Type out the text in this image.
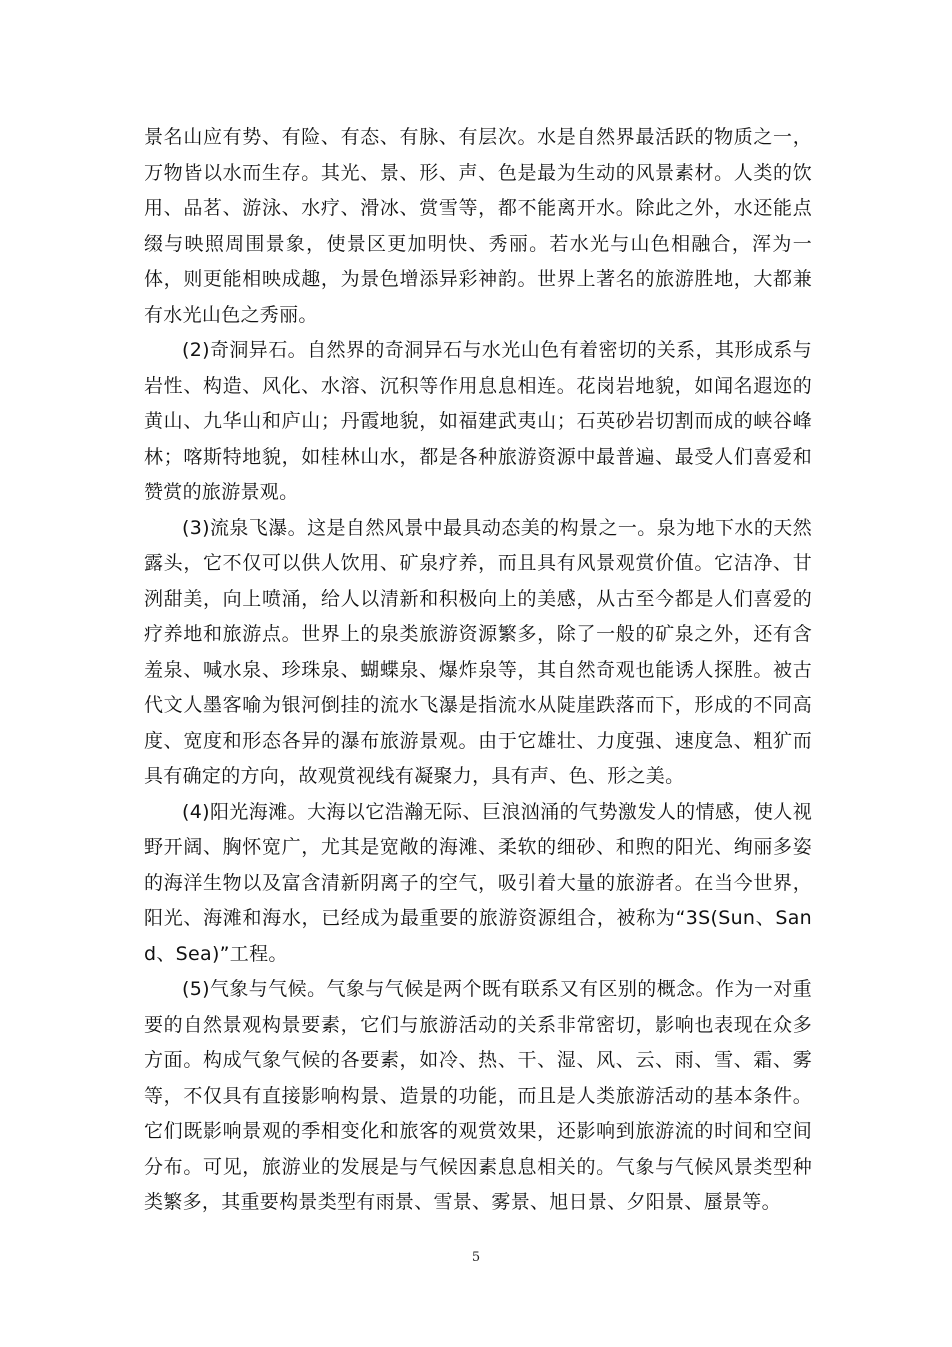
景名山应有势、有险、有态、有脉、有层次。水是自然界最活跃的物质之一，万物皆以水而生存。其光、景、形、声、色是最为生动的风景素材。人类的饮用、品茗、游泳、水疗、滑冰、赏雪等，都不能离开水。除此之外，水还能点缀与映照周围景象，使景区更加明快、秀丽。若水光与山色相融合，浑为一体，则更能相映成趣，为景色增添异彩神韵。世界上著名的旅游胜地，大都兼有水光山色之秀丽。

(2)奇洞异石。自然界的奇洞异石与水光山色有着密切的关系，其形成系与岩性、构造、风化、水溶、沉积等作用息息相连。花岗岩地貌，如闻名遐迩的黄山、九华山和庐山；丹霞地貌，如福建武夷山；石英砂岩切割而成的峡谷峰林；喀斯特地貌，如桂林山水，都是各种旅游资源中最普遍、最受人们喜爱和赞赏的旅游景观。

(3)流泉飞瀑。这是自然风景中最具动态美的构景之一。泉为地下水的天然露头，它不仅可以供人饮用、矿泉疗养，而且具有风景观赏价值。它洁净、甘洌甜美，向上喷涌，给人以清新和积极向上的美感，从古至今都是人们喜爱的疗养地和旅游点。世界上的泉类旅游资源繁多，除了一般的矿泉之外，还有含羞泉、喊水泉、珍珠泉、蝴蝶泉、爆炸泉等，其自然奇观也能诱人探胜。被古代文人墨客喻为银河倒挂的流水飞瀑是指流水从陡崖跌落而下，形成的不同高度、宽度和形态各异的瀑布旅游景观。由于它雄壮、力度强、速度急、粗犷而具有确定的方向，故观赏视线有凝聚力，具有声、色、形之美。

(4)阳光海滩。大海以它浩瀚无际、巨浪汹涌的气势激发人的情感，使人视野开阔、胸怀宽广，尤其是宽敞的海滩、柔软的细砂、和煦的阳光、绚丽多姿的海洋生物以及富含清新阴离子的空气，吸引着大量的旅游者。在当今世界，阳光、海滩和海水，已经成为最重要的旅游资源组合，被称为“3S(Sun、Sand、Sea)”工程。

(5)气象与气候。气象与气候是两个既有联系又有区别的概念。作为一对重要的自然景观构景要素，它们与旅游活动的关系非常密切，影响也表现在众多方面。构成气象气候的各要素，如冷、热、干、湿、风、云、雨、雪、霜、雾等，不仅具有直接影响构景、造景的功能，而且是人类旅游活动的基本条件。它们既影响景观的季相变化和旅客的观赏效果，还影响到旅游流的时间和空间分布。可见，旅游业的发展是与气候因素息息相关的。气象与气候风景类型种类繁多，其重要构景类型有雨景、雪景、雾景、旭日景、夕阳景、蜃景等。

5
